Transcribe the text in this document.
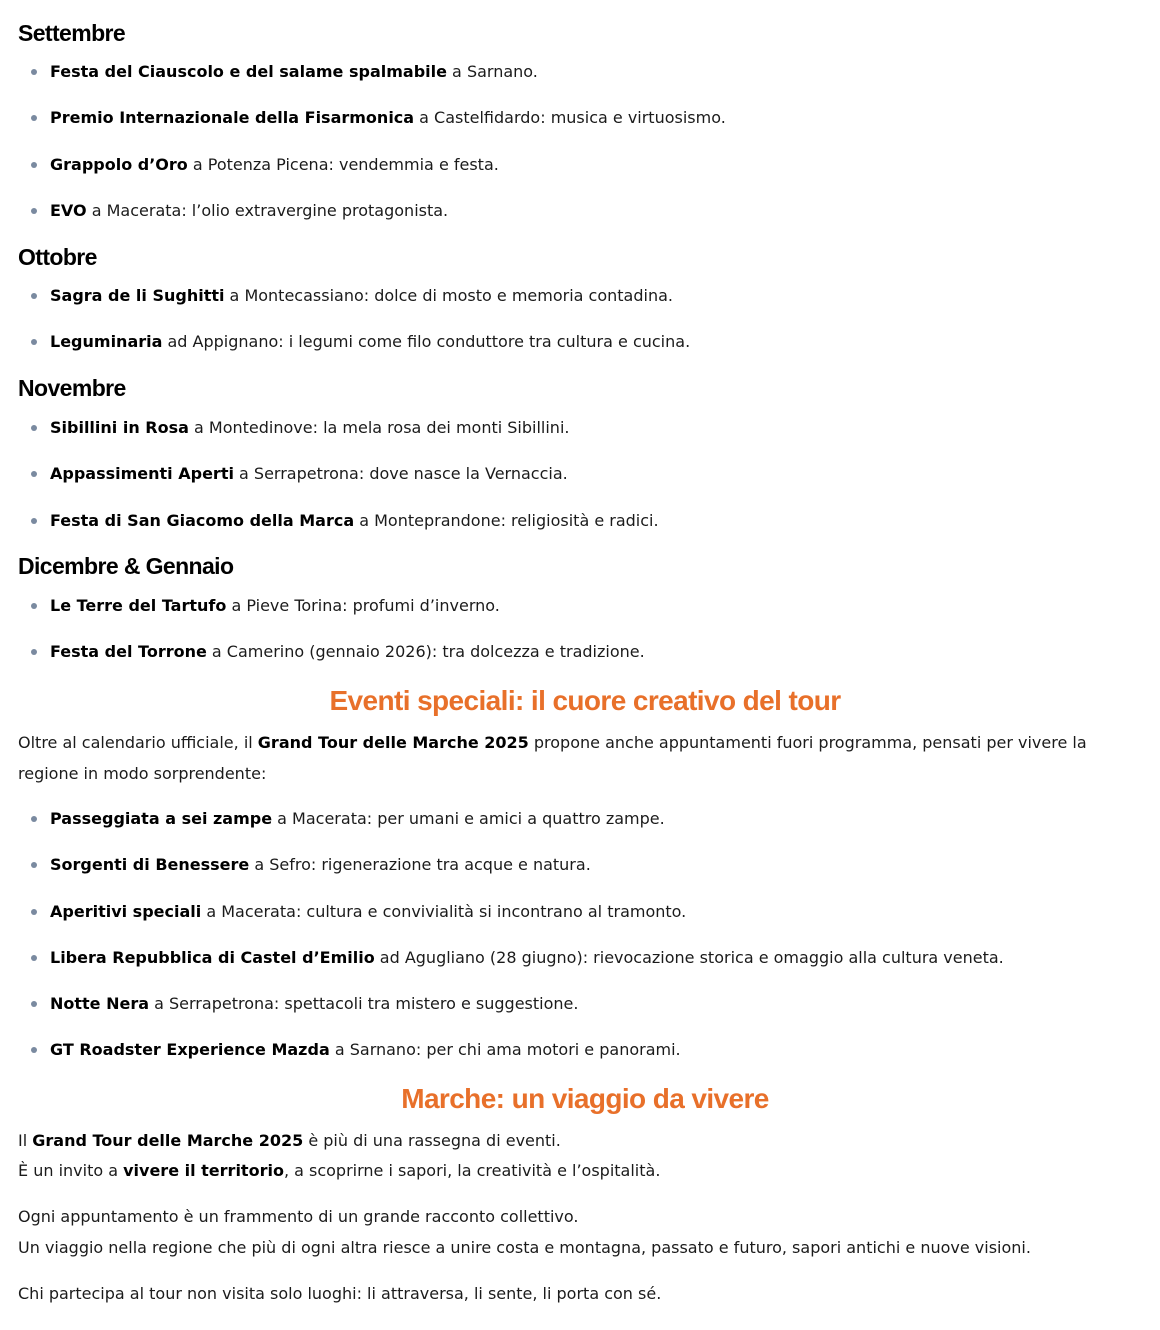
Settembre
Festa del Ciauscolo e del salame spalmabile a Sarnano.
Premio Internazionale della Fisarmonica a Castelfidardo: musica e virtuosismo.
Grappolo d’Oro a Potenza Picena: vendemmia e festa.
EVO a Macerata: l’olio extravergine protagonista.
Ottobre
Sagra de li Sughitti a Montecassiano: dolce di mosto e memoria contadina.
Leguminaria ad Appignano: i legumi come filo conduttore tra cultura e cucina.
Novembre
Sibillini in Rosa a Montedinove: la mela rosa dei monti Sibillini.
Appassimenti Aperti a Serrapetrona: dove nasce la Vernaccia.
Festa di San Giacomo della Marca a Monteprandone: religiosità e radici.
Dicembre & Gennaio
Le Terre del Tartufo a Pieve Torina: profumi d’inverno.
Festa del Torrone a Camerino (gennaio 2026): tra dolcezza e tradizione.
Eventi speciali: il cuore creativo del tour

Oltre al calendario ufficiale, il Grand Tour delle Marche 2025 propone anche appuntamenti fuori programma, pensati per vivere la regione in modo sorprendente:

Passeggiata a sei zampe a Macerata: per umani e amici a quattro zampe.
Sorgenti di Benessere a Sefro: rigenerazione tra acque e natura.
Aperitivi speciali a Macerata: cultura e convivialità si incontrano al tramonto.
Libera Repubblica di Castel d’Emilio ad Agugliano (28 giugno): rievocazione storica e omaggio alla cultura veneta.
Notte Nera a Serrapetrona: spettacoli tra mistero e suggestione.
GT Roadster Experience Mazda a Sarnano: per chi ama motori e panorami.
Marche: un viaggio da vivere

Il Grand Tour delle Marche 2025 è più di una rassegna di eventi.

È un invito a vivere il territorio, a scoprirne i sapori, la creatività e l’ospitalità.

Ogni appuntamento è un frammento di un grande racconto collettivo.

Un viaggio nella regione che più di ogni altra riesce a unire costa e montagna, passato e futuro, sapori antichi e nuove visioni.

Chi partecipa al tour non visita solo luoghi: li attraversa, li sente, li porta con sé.
